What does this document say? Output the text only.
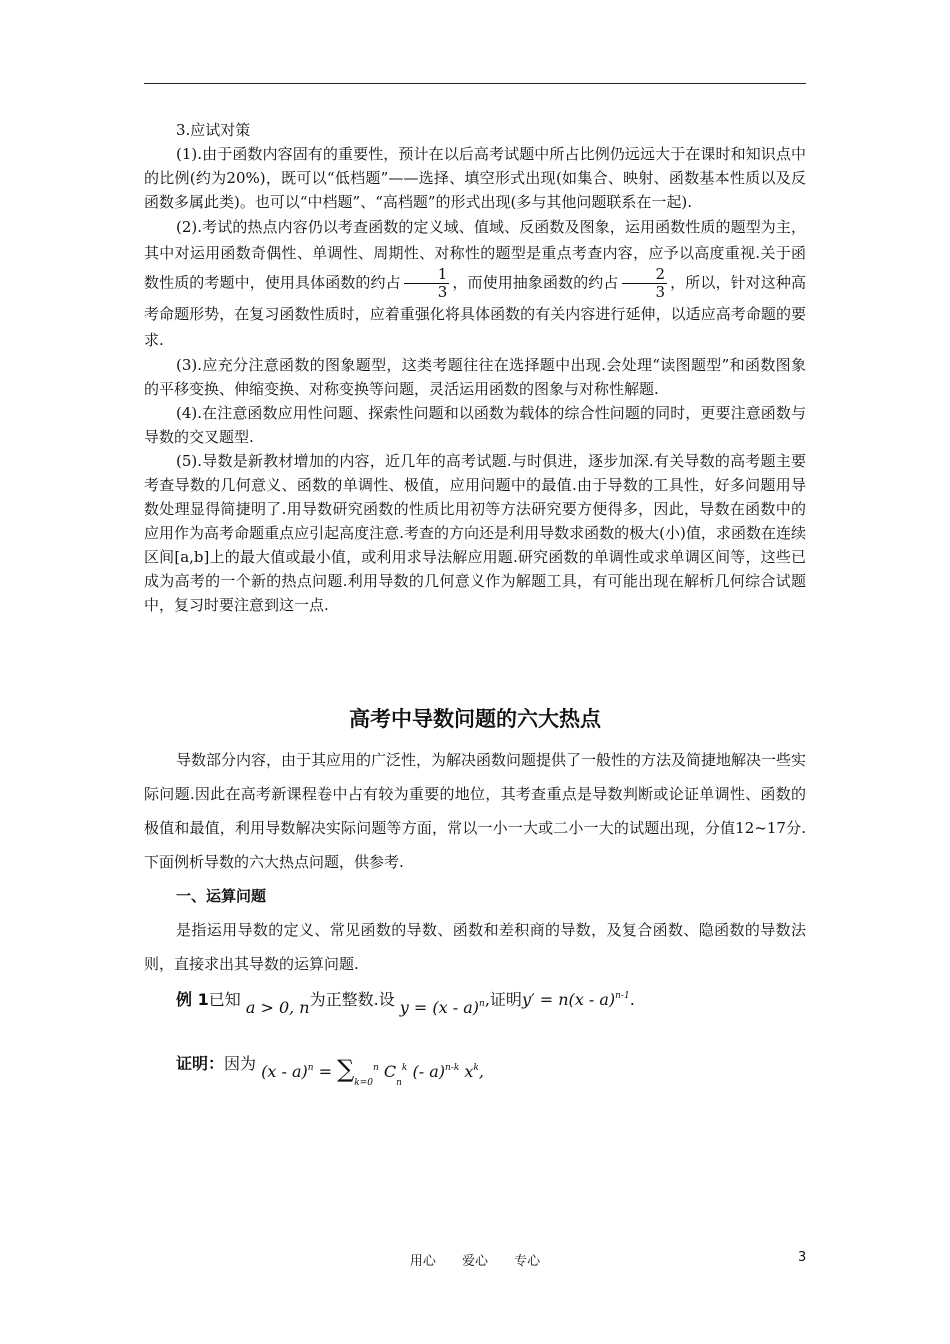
3.应试对策

(1).由于函数内容固有的重要性，预计在以后高考试题中所占比例仍远远大于在课时和知识点中的比例(约为20%)，既可以“低档题”——选择、填空形式出现(如集合、映射、函数基本性质以及反函数多属此类)。也可以“中档题”、“高档题”的形式出现(多与其他问题联系在一起).

(2).考试的热点内容仍以考查函数的定义域、值域、反函数及图象，运用函数性质的题型为主，其中对运用函数奇偶性、单调性、周期性、对称性的题型是重点考查内容，应予以高度重视.关于函数性质的考题中，使用具体函数的约占 $\frac{1}{3}$ ，而使用抽象函数的约占 $\frac{2}{3}$ ，所以，针对这种高考命题形势，在复习函数性质时，应着重强化将具体函数的有关内容进行延伸，以适应高考命题的要求.

(3).应充分注意函数的图象题型，这类考题往往在选择题中出现.会处理“读图题型”和函数图象的平移变换、伸缩变换、对称变换等问题，灵活运用函数的图象与对称性解题.

(4).在注意函数应用性问题、探索性问题和以函数为载体的综合性问题的同时，更要注意函数与导数的交叉题型.

(5).导数是新教材增加的内容，近几年的高考试题.与时俱进，逐步加深.有关导数的高考题主要考查导数的几何意义、函数的单调性、极值，应用问题中的最值.由于导数的工具性，好多问题用导数处理显得简捷明了.用导数研究函数的性质比用初等方法研究要方便得多，因此，导数在函数中的应用作为高考命题重点应引起高度注意.考查的方向还是利用导数求函数的极大(小)值，求函数在连续区间[a,b]上的最大值或最小值，或利用求导法解应用题.研究函数的单调性或求单调区间等，这些已成为高考的一个新的热点问题.利用导数的几何意义作为解题工具，有可能出现在解析几何综合试题中，复习时要注意到这一点.

高考中导数问题的六大热点

导数部分内容，由于其应用的广泛性，为解决函数问题提供了一般性的方法及简捷地解决一些实际问题.因此在高考新课程卷中占有较为重要的地位，其考查重点是导数判断或论证单调性、函数的极值和最值，利用导数解决实际问题等方面，常以一小一大或二小一大的试题出现，分值12~17分.下面例析导数的六大热点问题，供参考.

一、运算问题

是指运用导数的定义、常见函数的导数、函数和差积商的导数，及复合函数、隐函数的导数法则，直接求出其导数的运算问题.

例 1已知 a > 0, n为正整数.设 y = (x - a)$^n$,证明y′ = n(x - a)$^{n-1}$.
证明：因为 $(x - a)^n = \sum_{k=0}^n$ $C_n^k$ (- a)$^{n-k}$ $x^k$,
用心 爱心 专心	3
